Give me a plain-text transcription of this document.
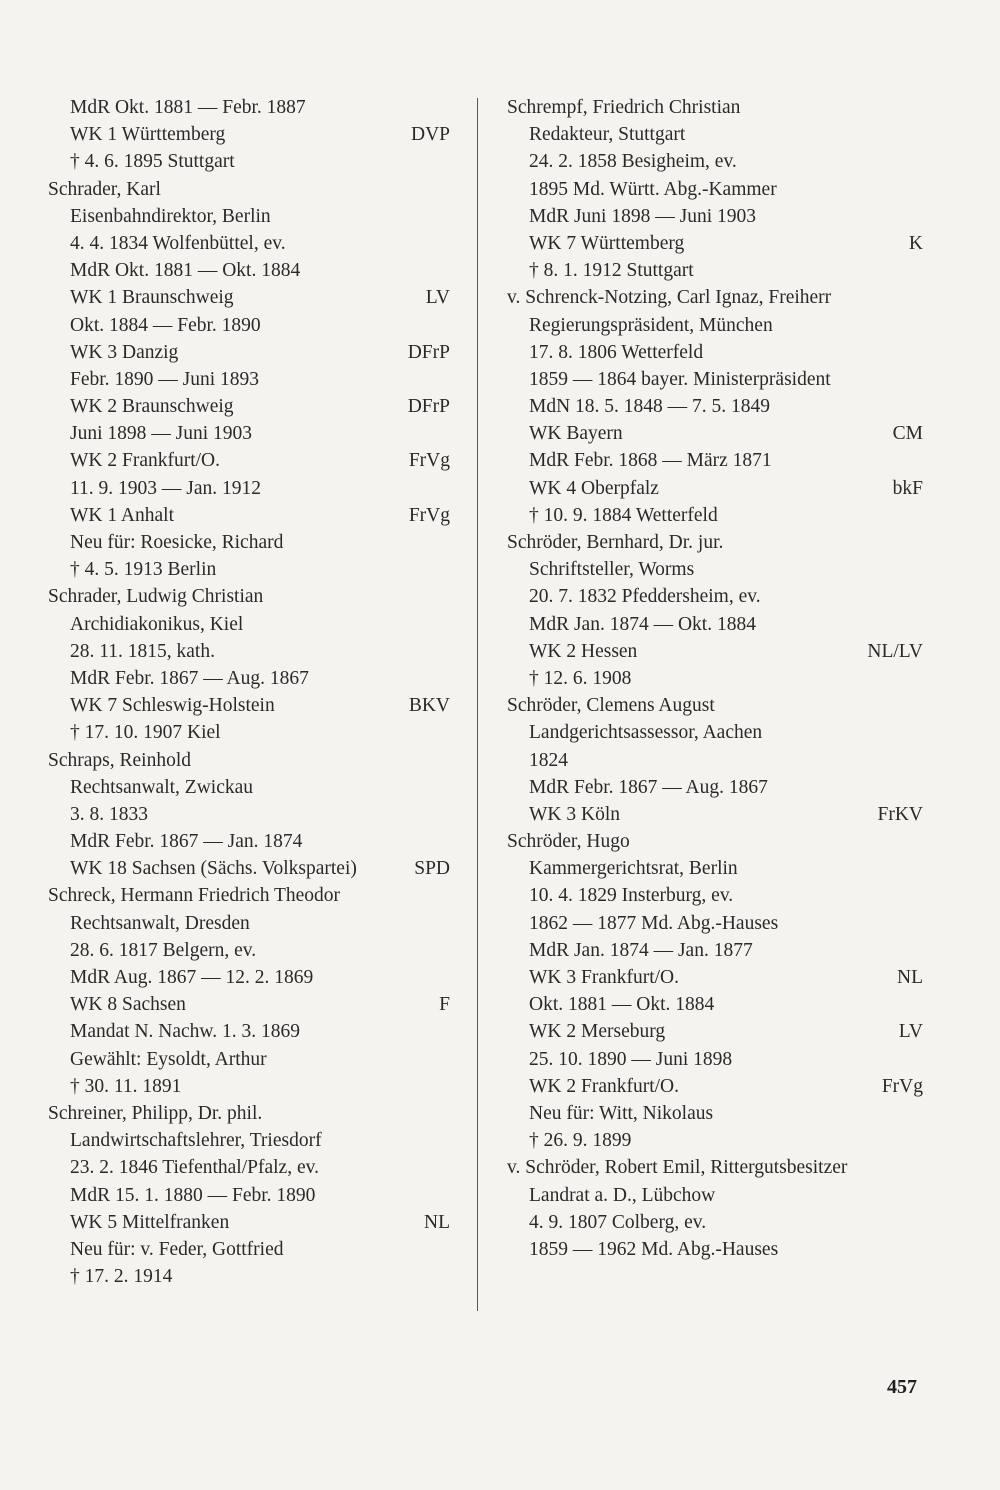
MdR Okt. 1881 — Febr. 1887
WK 1 Württemberg	DVP
† 4. 6. 1895 Stuttgart
Schrader, Karl
Eisenbahndirektor, Berlin
4. 4. 1834 Wolfenbüttel, ev.
MdR Okt. 1881 — Okt. 1884
WK 1 Braunschweig	LV
Okt. 1884 — Febr. 1890
WK 3 Danzig	DFrP
Febr. 1890 — Juni 1893
WK 2 Braunschweig	DFrP
Juni 1898 — Juni 1903
WK 2 Frankfurt/O.	FrVg
11. 9. 1903 — Jan. 1912
WK 1 Anhalt	FrVg
Neu für: Roesicke, Richard
† 4. 5. 1913 Berlin
Schrader, Ludwig Christian
Archidiakonikus, Kiel
28. 11. 1815, kath.
MdR Febr. 1867 — Aug. 1867
WK 7 Schleswig-Holstein	BKV
† 17. 10. 1907 Kiel
Schraps, Reinhold
Rechtsanwalt, Zwickau
3. 8. 1833
MdR Febr. 1867 — Jan. 1874
WK 18 Sachsen (Sächs. Volkspartei)	SPD
Schreck, Hermann Friedrich Theodor
Rechtsanwalt, Dresden
28. 6. 1817 Belgern, ev.
MdR Aug. 1867 — 12. 2. 1869
WK 8 Sachsen	F
Mandat N. Nachw. 1. 3. 1869
Gewählt: Eysoldt, Arthur
† 30. 11. 1891
Schreiner, Philipp, Dr. phil.
Landwirtschaftslehrer, Triesdorf
23. 2. 1846 Tiefenthal/Pfalz, ev.
MdR 15. 1. 1880 — Febr. 1890
WK 5 Mittelfranken	NL
Neu für: v. Feder, Gottfried
† 17. 2. 1914
Schrempf, Friedrich Christian
Redakteur, Stuttgart
24. 2. 1858 Besigheim, ev.
1895 Md. Württ. Abg.-Kammer
MdR Juni 1898 — Juni 1903
WK 7 Württemberg	K
† 8. 1. 1912 Stuttgart
v. Schrenck-Notzing, Carl Ignaz, Freiherr
Regierungspräsident, München
17. 8. 1806 Wetterfeld
1859 — 1864 bayer. Ministerpräsident
MdN 18. 5. 1848 — 7. 5. 1849
WK Bayern	CM
MdR Febr. 1868 — März 1871
WK 4 Oberpfalz	bkF
† 10. 9. 1884 Wetterfeld
Schröder, Bernhard, Dr. jur.
Schriftsteller, Worms
20. 7. 1832 Pfeddersheim, ev.
MdR Jan. 1874 — Okt. 1884
WK 2 Hessen	NL/LV
† 12. 6. 1908
Schröder, Clemens August
Landgerichtsassessor, Aachen
1824
MdR Febr. 1867 — Aug. 1867
WK 3 Köln	FrKV
Schröder, Hugo
Kammergerichtsrat, Berlin
10. 4. 1829 Insterburg, ev.
1862 — 1877 Md. Abg.-Hauses
MdR Jan. 1874 — Jan. 1877
WK 3 Frankfurt/O.	NL
Okt. 1881 — Okt. 1884
WK 2 Merseburg	LV
25. 10. 1890 — Juni 1898
WK 2 Frankfurt/O.	FrVg
Neu für: Witt, Nikolaus
† 26. 9. 1899
v. Schröder, Robert Emil, Rittergutsbesitzer
Landrat a. D., Lübchow
4. 9. 1807 Colberg, ev.
1859 — 1962 Md. Abg.-Hauses
457
